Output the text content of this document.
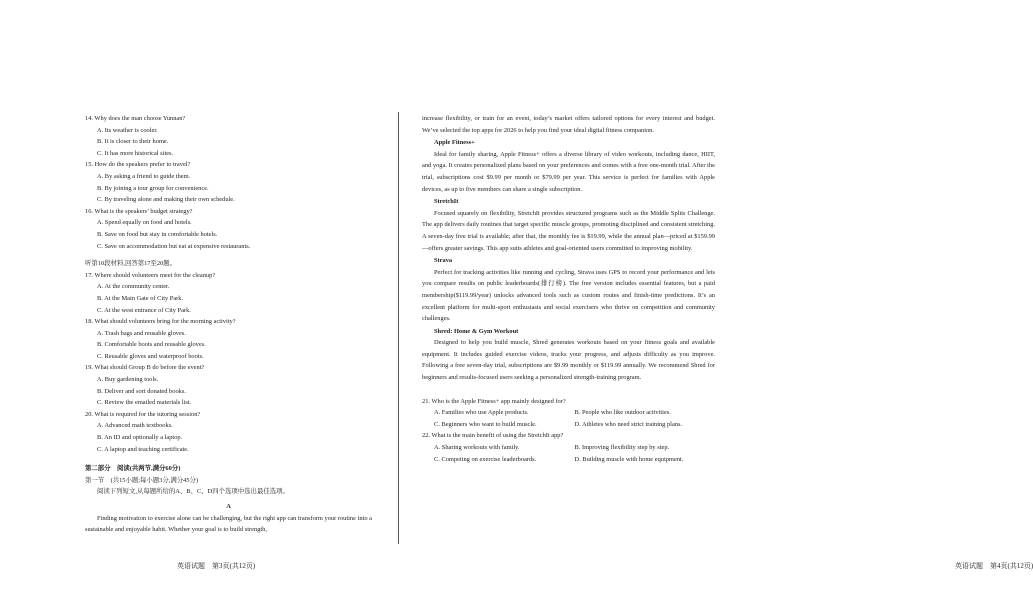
14. Why does the man choose Yunnan?
A. Its weather is cooler.
B. It is closer to their home.
C. It has more historical sites.
15. How do the speakers prefer to travel?
A. By asking a friend to guide them.
B. By joining a tour group for convenience.
C. By traveling alone and making their own schedule.
16. What is the speakers’ budget strategy?
A. Spend equally on food and hotels.
B. Save on food but stay in comfortable hotels.
C. Save on accommodation but eat at expensive restaurants.
听第10段材料,回答第17至20题。
17. Where should volunteers meet for the cleanup?
A. At the community center.
B. At the Main Gate of City Park.
C. At the west entrance of City Park.
18. What should volunteers bring for the morning activity?
A. Trash bags and reusable gloves.
B. Comfortable boots and reusable gloves.
C. Reusable gloves and waterproof boots.
19. What should Group B do before the event?
A. Buy gardening tools.
B. Deliver and sort donated books.
C. Review the emailed materials list.
20. What is required for the tutoring session?
A. Advanced math textbooks.
B. An ID and optionally a laptop.
C. A laptop and teaching certificate.
第二部分　阅读(共两节,满分60分)
第一节　 (共15小题;每小题3分,满分45分)
阅读下列短文,从每题所给的A、B、C、D四个选项中选出最佳选项。
A
Finding motivation to exercise alone can be challenging, but the right app can transform your routine into a sustainable and enjoyable habit. Whether your goal is to build strength,
英语试题　第3页(共12页)
increase flexibility, or train for an event, today’s market offers tailored options for every interest and budget. We’ve selected the top apps for 2026 to help you find your ideal digital fitness companion.
Apple Fitness+
Ideal for family sharing, Apple Fitness+ offers a diverse library of video workouts, including dance, HIIT, and yoga. It creates personalized plans based on your preferences and comes with a free one-month trial. After the trial, subscriptions cost $9.99 per month or $79.99 per year. This service is perfect for families with Apple devices, as up to five members can share a single subscription.
StretchIt
Focused squarely on flexibility, StretchIt provides structured programs such as the Middle Splits Challenge. The app delivers daily routines that target specific muscle groups, promoting disciplined and consistent stretching. A seven-day free trial is available; after that, the monthly fee is $19.99, while the annual plan—priced at $159.99—offers greater savings. This app suits athletes and goal-oriented users committed to improving mobility.
Strava
Perfect for tracking activities like running and cycling, Strava uses GPS to record your performance and lets you compare results on public leaderboards(排行榜). The free version includes essential features, but a paid membership($119.99/year) unlocks advanced tools such as custom routes and finish-time predictions. It’s an excellent platform for multi-sport enthusiasts and social exercisers who thrive on competition and community challenges.
Shred: Home & Gym Workout
Designed to help you build muscle, Shred generates workouts based on your fitness goals and available equipment. It includes guided exercise videos, tracks your progress, and adjusts difficulty as you improve. Following a free seven-day trial, subscriptions are $9.99 monthly or $119.99 annually. We recommend Shred for beginners and results-focused users seeking a personalized strength-training program.
21. Who is the Apple Fitness+ app mainly designed for?
A. Families who use Apple products.	B. People who like outdoor activities.
C. Beginners who want to build muscle.	D. Athletes who need strict training plans.
22. What is the main benefit of using the StretchIt app?
A. Sharing workouts with family.	B. Improving flexibility step by step.
C. Competing on exercise leaderboards.	D. Building muscle with home equipment.
英语试题　第4页(共12页)
